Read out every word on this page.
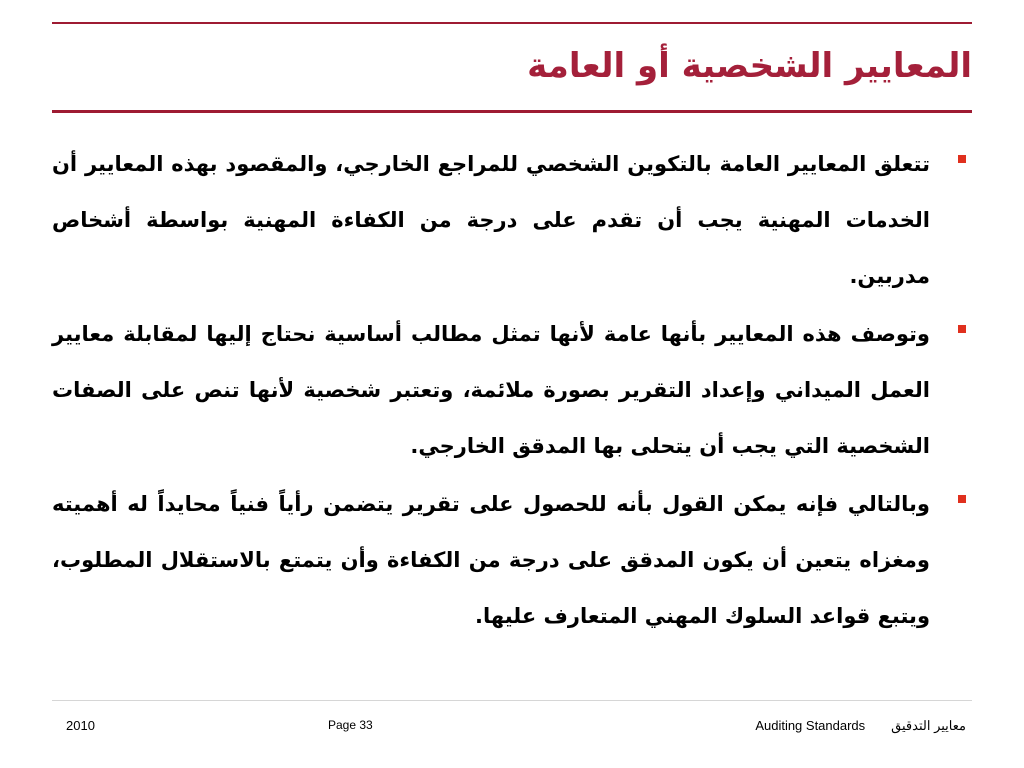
المعايير الشخصية أو العامة
تتعلق المعايير العامة بالتكوين الشخصي للمراجع الخارجي، والمقصود بهذه المعايير أن الخدمات المهنية يجب أن تقدم على درجة من الكفاءة المهنية بواسطة أشخاص مدربين.
وتوصف هذه المعايير بأنها عامة لأنها تمثل مطالب أساسية نحتاج إليها لمقابلة معايير العمل الميداني وإعداد التقرير بصورة ملائمة، وتعتبر شخصية لأنها تنص على الصفات الشخصية التي يجب أن يتحلى بها المدقق الخارجي.
وبالتالي فإنه يمكن القول بأنه للحصول على تقرير يتضمن رأياً فنياً محايداً له أهميته ومغزاه يتعين أن يكون المدقق على درجة من الكفاءة وأن يتمتع بالاستقلال المطلوب، ويتبع قواعد السلوك المهني المتعارف عليها.
2010	Page 33	Auditing Standards معايير التدقيق
